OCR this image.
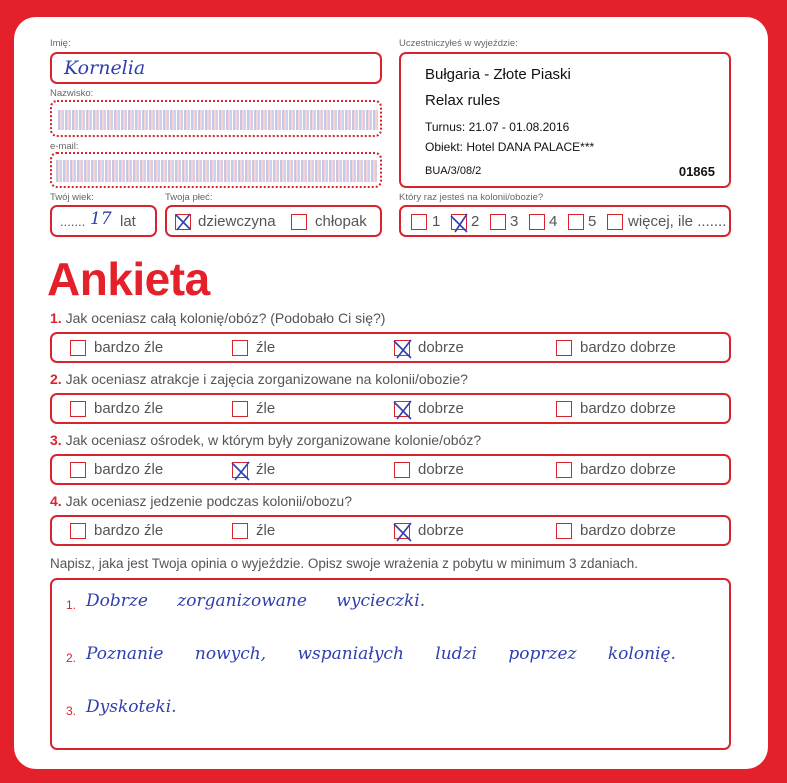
Imię:
Kornelia
Nazwisko:
e-mail:
Twój wiek:
....... 17 lat
Twoja płeć:
dziewczyna	chłopak
Uczestniczyłeś w wyjeździe:
Bułgaria - Złote Piaski
Relax rules
Turnus: 21.07 - 01.08.2016
Obiekt: Hotel DANA PALACE***
BUA/3/08/2	01865
Który raz jesteś na kolonii/obozie?
1 2 3 4 5 więcej, ile .......
Ankieta
1. Jak oceniasz całą kolonię/obóz? (Podobało Ci się?)
bardzo źle	źle	dobrze	bardzo dobrze
2. Jak oceniasz atrakcje i zajęcia zorganizowane na kolonii/obozie?
bardzo źle	źle	dobrze	bardzo dobrze
3. Jak oceniasz ośrodek, w którym były zorganizowane kolonie/obóz?
bardzo źle	źle	dobrze	bardzo dobrze
4. Jak oceniasz jedzenie podczas kolonii/obozu?
bardzo źle	źle	dobrze	bardzo dobrze
Napisz, jaka jest Twoja opinia o wyjeździe. Opisz swoje wrażenia z pobytu w minimum 3 zdaniach.
1. Dobrze zorganizowane wycieczki.
2. Poznanie nowych, wspaniałych ludzi poprzez kolonię.
3. Dyskoteki.
